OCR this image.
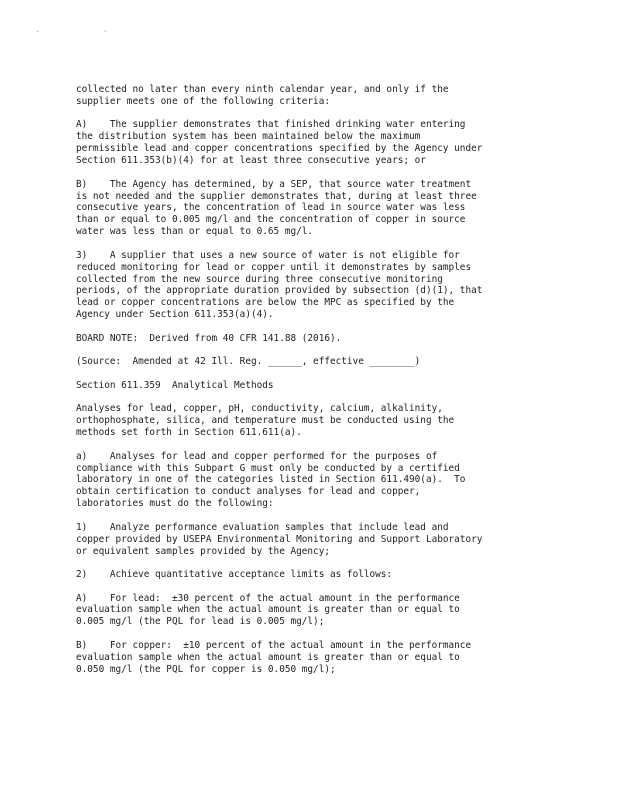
' '
collected no later than every ninth calendar year, and only if the
supplier meets one of the following criteria:
A)    The supplier demonstrates that finished drinking water entering
the distribution system has been maintained below the maximum
permissible lead and copper concentrations specified by the Agency under
Section 611.353(b)(4) for at least three consecutive years; or
B)    The Agency has determined, by a SEP, that source water treatment
is not needed and the supplier demonstrates that, during at least three
consecutive years, the concentration of lead in source water was less
than or equal to 0.005 mg/l and the concentration of copper in source
water was less than or equal to 0.65 mg/l.
3)    A supplier that uses a new source of water is not eligible for
reduced monitoring for lead or copper until it demonstrates by samples
collected from the new source during three consecutive monitoring
periods, of the appropriate duration provided by subsection (d)(1), that
lead or copper concentrations are below the MPC as specified by the
Agency under Section 611.353(a)(4).
BOARD NOTE:  Derived from 40 CFR 141.88 (2016).
(Source:  Amended at 42 Ill. Reg. ______, effective ________)
Section 611.359  Analytical Methods
Analyses for lead, copper, pH, conductivity, calcium, alkalinity,
orthophosphate, silica, and temperature must be conducted using the
methods set forth in Section 611.611(a).
a)    Analyses for lead and copper performed for the purposes of
compliance with this Subpart G must only be conducted by a certified
laboratory in one of the categories listed in Section 611.490(a).  To
obtain certification to conduct analyses for lead and copper,
laboratories must do the following:
1)    Analyze performance evaluation samples that include lead and
copper provided by USEPA Environmental Monitoring and Support Laboratory
or equivalent samples provided by the Agency;
2)    Achieve quantitative acceptance limits as follows:
A)    For lead:  ±30 percent of the actual amount in the performance
evaluation sample when the actual amount is greater than or equal to
0.005 mg/l (the PQL for lead is 0.005 mg/l);
B)    For copper:  ±10 percent of the actual amount in the performance
evaluation sample when the actual amount is greater than or equal to
0.050 mg/l (the PQL for copper is 0.050 mg/l);
